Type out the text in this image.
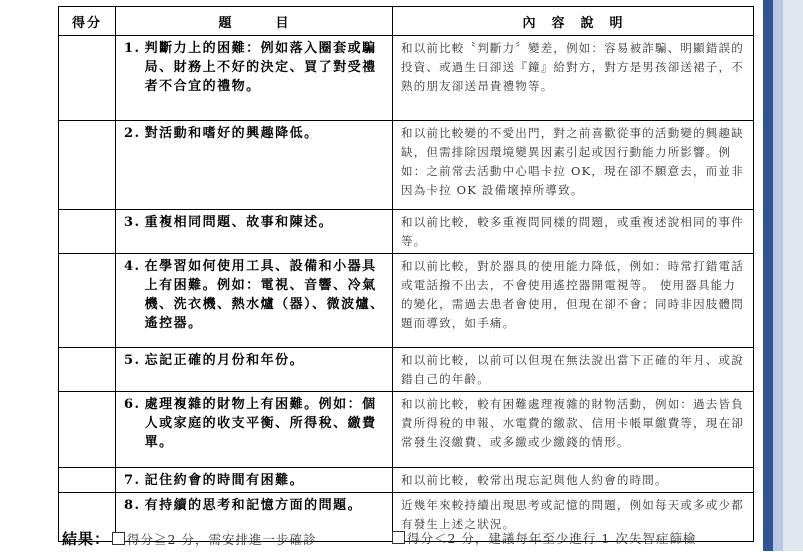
得分	題目	內容說明

	1. 判斷力上的困難：例如落入圈套或騙局、財務上不好的決定、買了對受禮者不合宜的禮物。	和以前比較〝判斷力〞變差，例如：容易被詐騙、明顯錯誤的投資、或過生日卻送『鐘』給對方，對方是男孩卻送裙子，不熟的朋友卻送昂貴禮物等。

	2. 對活動和嗜好的興趣降低。	和以前比較變的不愛出門，對之前喜歡從事的活動變的興趣缺缺，但需排除因環境變異因素引起或因行動能力所影響。例如：之前常去活動中心唱卡拉 OK，現在卻不願意去，而並非因為卡拉 OK 設備壞掉所導致。

	3. 重複相同問題、故事和陳述。	和以前比較，較多重複問同樣的問題，或重複述說相同的事件等。

	4. 在學習如何使用工具、設備和小器具上有困難。例如：電視、音響、冷氣機、洗衣機、熱水爐（器）、微波爐、遙控器。	和以前比較，對於器具的使用能力降低，例如：時常打錯電話或電話撥不出去，不會使用遙控器開電視等。 使用器具能力的變化，需過去患者會使用，但現在卻不會；同時非因肢體問題而導致，如手痛。

	5. 忘記正確的月份和年份。	和以前比較，以前可以但現在無法說出當下正確的年月、或說錯自己的年齡。

	6. 處理複雜的財物上有困難。例如：個人或家庭的收支平衡、所得稅、繳費單。	和以前比較，較有困難處理複雜的財物活動，例如：過去皆負責所得稅的申報、水電費的繳款、信用卡帳單繳費等，現在卻常發生沒繳費、或多繳或少繳錢的情形。

	7. 記住約會的時間有困難。	和以前比較，較常出現忘記與他人約會的時間。

	8. 有持續的思考和記憶方面的問題。	近幾年來較持續出現思考或記憶的問題，例如每天或多或少都有發生上述之狀況。
結果： 得分≧2 分，需安排進一步確診	得分＜2 分，建議每年至少進行 1 次失智症篩檢
